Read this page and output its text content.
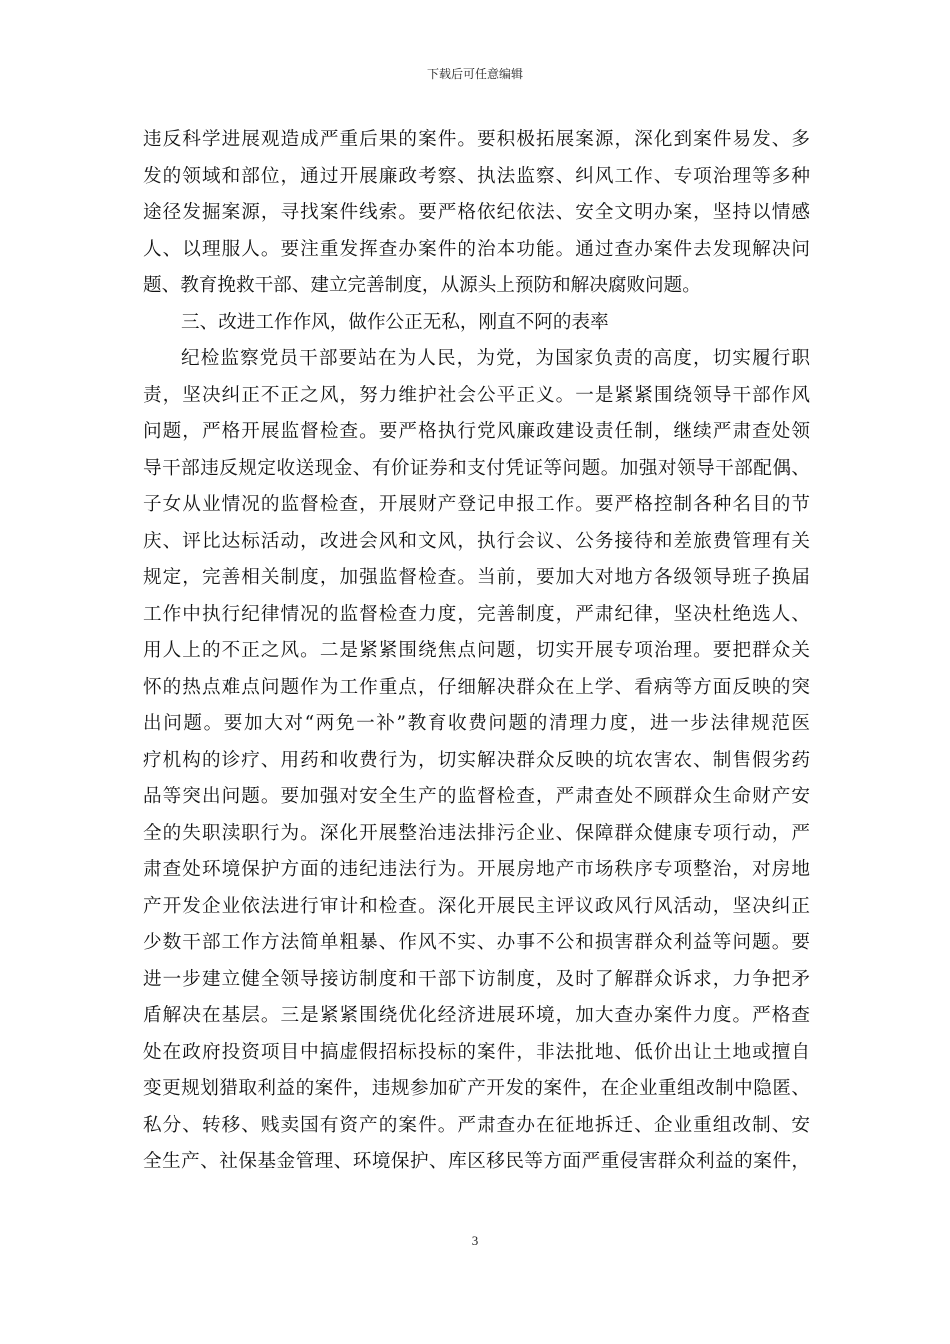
下载后可任意编辑
违反科学进展观造成严重后果的案件。要积极拓展案源，深化到案件易发、多
发的领域和部位，通过开展廉政考察、执法监察、纠风工作、专项治理等多种
途径发掘案源，寻找案件线索。要严格依纪依法、安全文明办案，坚持以情感
人、以理服人。要注重发挥查办案件的治本功能。通过查办案件去发现解决问
题、教育挽救干部、建立完善制度，从源头上预防和解决腐败问题。
三、改进工作作风，做作公正无私，刚直不阿的表率
纪检监察党员干部要站在为人民，为党，为国家负责的高度，切实履行职
责，坚决纠正不正之风，努力维护社会公平正义。一是紧紧围绕领导干部作风
问题，严格开展监督检查。要严格执行党风廉政建设责任制，继续严肃查处领
导干部违反规定收送现金、有价证券和支付凭证等问题。加强对领导干部配偶、
子女从业情况的监督检查，开展财产登记申报工作。要严格控制各种名目的节
庆、评比达标活动，改进会风和文风，执行会议、公务接待和差旅费管理有关
规定，完善相关制度，加强监督检查。当前，要加大对地方各级领导班子换届
工作中执行纪律情况的监督检查力度，完善制度，严肃纪律，坚决杜绝选人、
用人上的不正之风。二是紧紧围绕焦点问题，切实开展专项治理。要把群众关
怀的热点难点问题作为工作重点，仔细解决群众在上学、看病等方面反映的突
出问题。要加大对“两免一补”教育收费问题的清理力度，进一步法律规范医
疗机构的诊疗、用药和收费行为，切实解决群众反映的坑农害农、制售假劣药
品等突出问题。要加强对安全生产的监督检查，严肃查处不顾群众生命财产安
全的失职渎职行为。深化开展整治违法排污企业、保障群众健康专项行动，严
肃查处环境保护方面的违纪违法行为。开展房地产市场秩序专项整治，对房地
产开发企业依法进行审计和检查。深化开展民主评议政风行风活动，坚决纠正
少数干部工作方法简单粗暴、作风不实、办事不公和损害群众利益等问题。要
进一步建立健全领导接访制度和干部下访制度，及时了解群众诉求，力争把矛
盾解决在基层。三是紧紧围绕优化经济进展环境，加大查办案件力度。严格查
处在政府投资项目中搞虚假招标投标的案件，非法批地、低价出让土地或擅自
变更规划猎取利益的案件，违规参加矿产开发的案件，在企业重组改制中隐匿、
私分、转移、贱卖国有资产的案件。严肃查办在征地拆迁、企业重组改制、安
全生产、社保基金管理、环境保护、库区移民等方面严重侵害群众利益的案件，
3
